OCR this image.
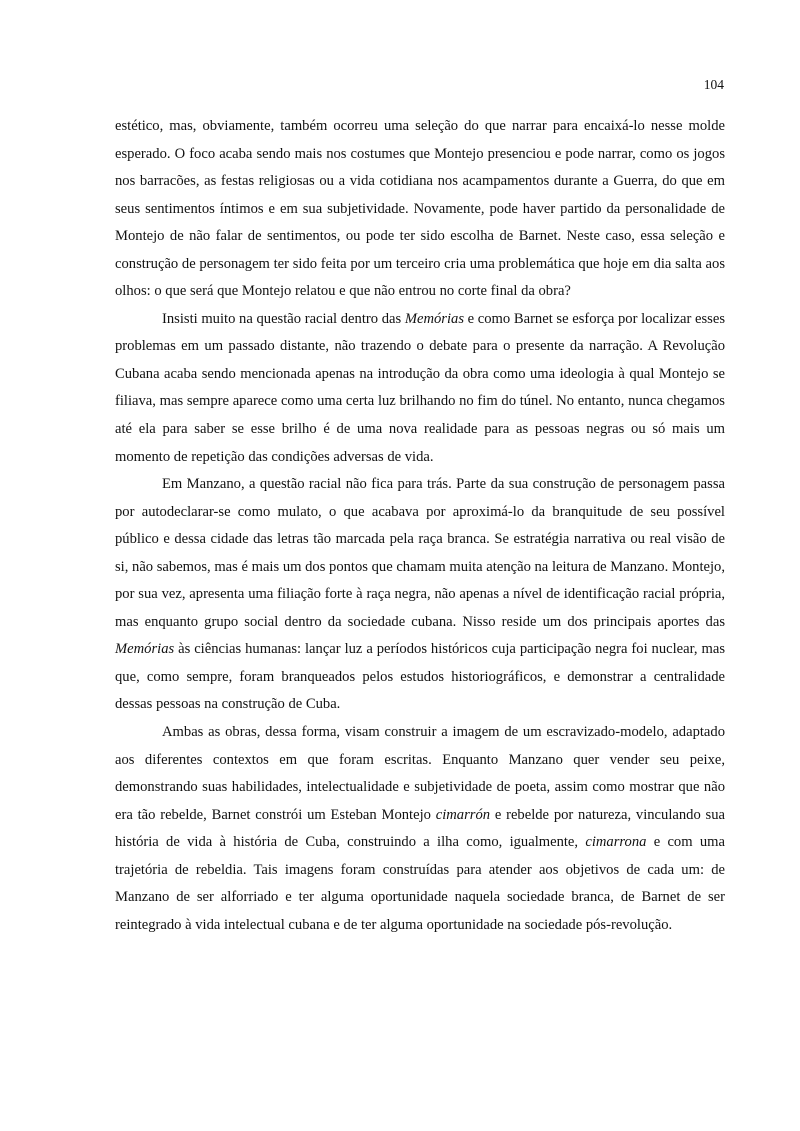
104

estético, mas, obviamente, também ocorreu uma seleção do que narrar para encaixá-lo nesse molde esperado. O foco acaba sendo mais nos costumes que Montejo presenciou e pode narrar, como os jogos nos barracões, as festas religiosas ou a vida cotidiana nos acampamentos durante a Guerra, do que em seus sentimentos íntimos e em sua subjetividade. Novamente, pode haver partido da personalidade de Montejo de não falar de sentimentos, ou pode ter sido escolha de Barnet. Neste caso, essa seleção e construção de personagem ter sido feita por um terceiro cria uma problemática que hoje em dia salta aos olhos: o que será que Montejo relatou e que não entrou no corte final da obra?

Insisti muito na questão racial dentro das Memórias e como Barnet se esforça por localizar esses problemas em um passado distante, não trazendo o debate para o presente da narração. A Revolução Cubana acaba sendo mencionada apenas na introdução da obra como uma ideologia à qual Montejo se filiava, mas sempre aparece como uma certa luz brilhando no fim do túnel. No entanto, nunca chegamos até ela para saber se esse brilho é de uma nova realidade para as pessoas negras ou só mais um momento de repetição das condições adversas de vida.

Em Manzano, a questão racial não fica para trás. Parte da sua construção de personagem passa por autodeclarar-se como mulato, o que acabava por aproximá-lo da branquitude de seu possível público e dessa cidade das letras tão marcada pela raça branca. Se estratégia narrativa ou real visão de si, não sabemos, mas é mais um dos pontos que chamam muita atenção na leitura de Manzano. Montejo, por sua vez, apresenta uma filiação forte à raça negra, não apenas a nível de identificação racial própria, mas enquanto grupo social dentro da sociedade cubana. Nisso reside um dos principais aportes das Memórias às ciências humanas: lançar luz a períodos históricos cuja participação negra foi nuclear, mas que, como sempre, foram branqueados pelos estudos historiográficos, e demonstrar a centralidade dessas pessoas na construção de Cuba.

Ambas as obras, dessa forma, visam construir a imagem de um escravizado-modelo, adaptado aos diferentes contextos em que foram escritas. Enquanto Manzano quer vender seu peixe, demonstrando suas habilidades, intelectualidade e subjetividade de poeta, assim como mostrar que não era tão rebelde, Barnet constrói um Esteban Montejo cimarrón e rebelde por natureza, vinculando sua história de vida à história de Cuba, construindo a ilha como, igualmente, cimarrona e com uma trajetória de rebeldia. Tais imagens foram construídas para atender aos objetivos de cada um: de Manzano de ser alforriado e ter alguma oportunidade naquela sociedade branca, de Barnet de ser reintegrado à vida intelectual cubana e de ter alguma oportunidade na sociedade pós-revolução.
